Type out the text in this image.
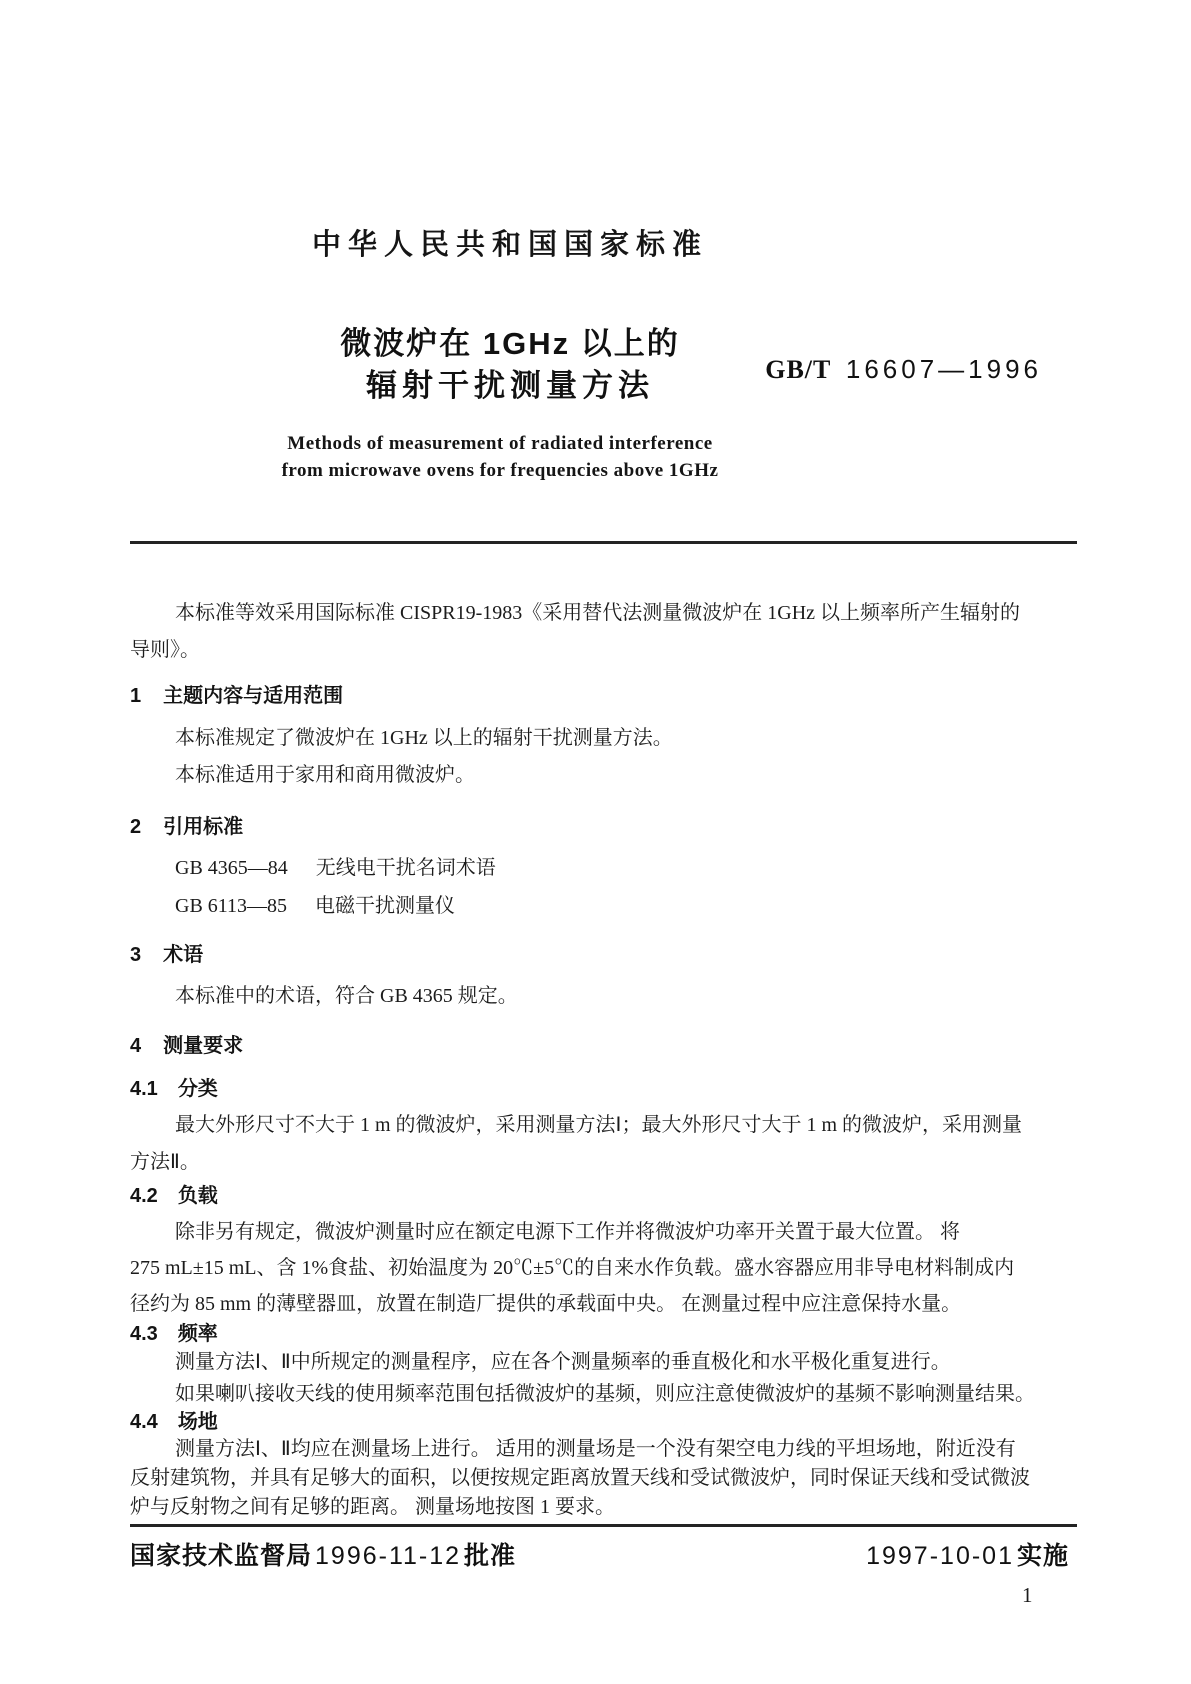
中华人民共和国国家标准
微波炉在 1GHz 以上的
辐射干扰测量方法	GB/T 16607—1996
Methods of measurement of radiated interference
from microwave ovens for frequencies above 1GHz
本标准等效采用国际标准 CISPR19-1983《采用替代法测量微波炉在 1GHz 以上频率所产生辐射的
导则》。
1 主题内容与适用范围
本标准规定了微波炉在 1GHz 以上的辐射干扰测量方法。
本标准适用于家用和商用微波炉。
2 引用标准
GB 4365—84 无线电干扰名词术语
GB 6113—85 电磁干扰测量仪
3 术语
本标准中的术语，符合 GB 4365 规定。
4 测量要求
4.1 分类
最大外形尺寸不大于 1 m 的微波炉，采用测量方法Ⅰ；最大外形尺寸大于 1 m 的微波炉，采用测量
方法Ⅱ。
4.2 负载
除非另有规定，微波炉测量时应在额定电源下工作并将微波炉功率开关置于最大位置。 将
275 mL±15 mL、含 1%食盐、初始温度为 20℃±5℃的自来水作负载。盛水容器应用非导电材料制成内
径约为 85 mm 的薄壁器皿，放置在制造厂提供的承载面中央。 在测量过程中应注意保持水量。
4.3 频率
测量方法Ⅰ、Ⅱ中所规定的测量程序，应在各个测量频率的垂直极化和水平极化重复进行。
如果喇叭接收天线的使用频率范围包括微波炉的基频，则应注意使微波炉的基频不影响测量结果。
4.4 场地
测量方法Ⅰ、Ⅱ均应在测量场上进行。 适用的测量场是一个没有架空电力线的平坦场地，附近没有
反射建筑物，并具有足够大的面积，以便按规定距离放置天线和受试微波炉，同时保证天线和受试微波
炉与反射物之间有足够的距离。 测量场地按图 1 要求。
国家技术监督局 1996-11-12 批准	1997-10-01 实施
1
